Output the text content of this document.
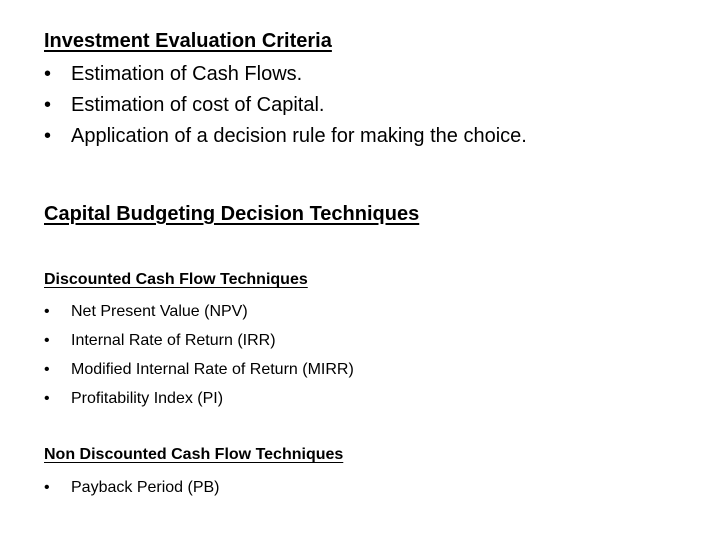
Investment Evaluation Criteria
• Estimation of Cash Flows.
• Estimation of cost of Capital.
• Application of a decision rule for making the choice.
Capital Budgeting Decision Techniques
Discounted Cash Flow Techniques
• Net Present Value (NPV)
• Internal Rate of Return (IRR)
• Modified Internal Rate of Return (MIRR)
• Profitability Index (PI)
Non Discounted Cash Flow Techniques
• Payback Period (PB)
